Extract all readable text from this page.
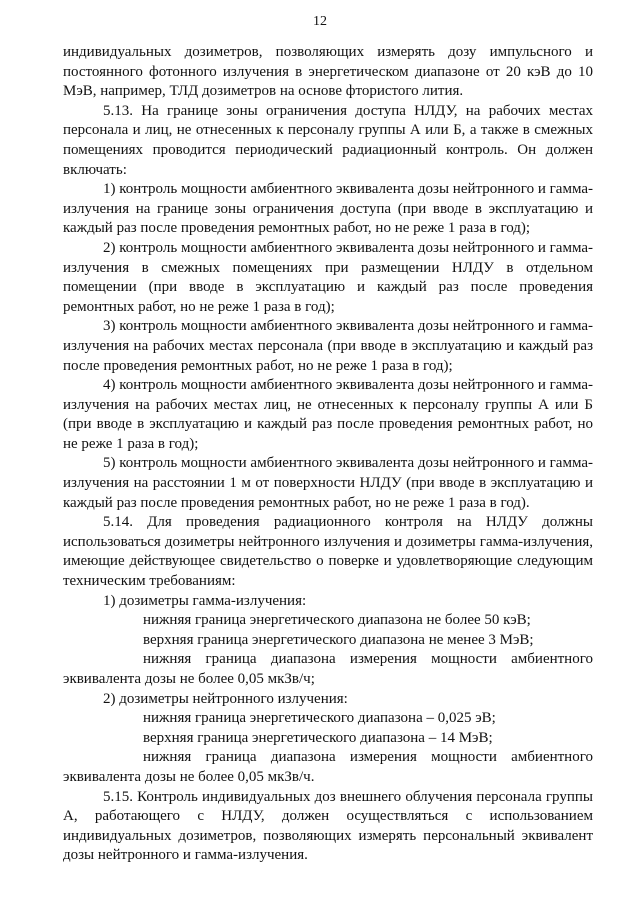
12

индивидуальных дозиметров, позволяющих измерять дозу импульсного и постоянного фотонного излучения в энергетическом диапазоне от 20 кэВ до 10 МэВ, например, ТЛД дозиметров на основе фтористого лития.

5.13. На границе зоны ограничения доступа НЛДУ, на рабочих местах персонала и лиц, не отнесенных к персоналу группы А или Б, а также в смежных помещениях проводится периодический радиационный контроль. Он должен включать:

1) контроль мощности амбиентного эквивалента дозы нейтронного и гамма-излучения на границе зоны ограничения доступа (при вводе в эксплуатацию и каждый раз после проведения ремонтных работ, но не реже 1 раза в год);

2) контроль мощности амбиентного эквивалента дозы нейтронного и гамма-излучения в смежных помещениях при размещении НЛДУ в отдельном помещении (при вводе в эксплуатацию и каждый раз после проведения ремонтных работ, но не реже 1 раза в год);

3) контроль мощности амбиентного эквивалента дозы нейтронного и гамма-излучения на рабочих местах персонала (при вводе в эксплуатацию и каждый раз после проведения ремонтных работ, но не реже 1 раза в год);

4) контроль мощности амбиентного эквивалента дозы нейтронного и гамма-излучения на рабочих местах лиц, не отнесенных к персоналу группы А или Б (при вводе в эксплуатацию и каждый раз после проведения ремонтных работ, но не реже 1 раза в год);

5) контроль мощности амбиентного эквивалента дозы нейтронного и гамма-излучения на расстоянии 1 м от поверхности НЛДУ (при вводе в эксплуатацию и каждый раз после проведения ремонтных работ, но не реже 1 раза в год).

5.14. Для проведения радиационного контроля на НЛДУ должны использоваться дозиметры нейтронного излучения и дозиметры гамма-излучения, имеющие действующее свидетельство о поверке и удовлетворяющие следующим техническим требованиям:

1) дозиметры гамма-излучения:

нижняя граница энергетического диапазона не более 50 кэВ;

верхняя граница энергетического диапазона не менее 3 МэВ;

нижняя граница диапазона измерения мощности амбиентного эквивалента дозы не более 0,05 мкЗв/ч;

2) дозиметры нейтронного излучения:

нижняя граница энергетического диапазона – 0,025 эВ;

верхняя граница энергетического диапазона – 14 МэВ;

нижняя граница диапазона измерения мощности амбиентного эквивалента дозы не более 0,05 мкЗв/ч.

5.15. Контроль индивидуальных доз внешнего облучения персонала группы А, работающего с НЛДУ, должен осуществляться с использованием индивидуальных дозиметров, позволяющих измерять персональный эквивалент дозы нейтронного и гамма-излучения.
